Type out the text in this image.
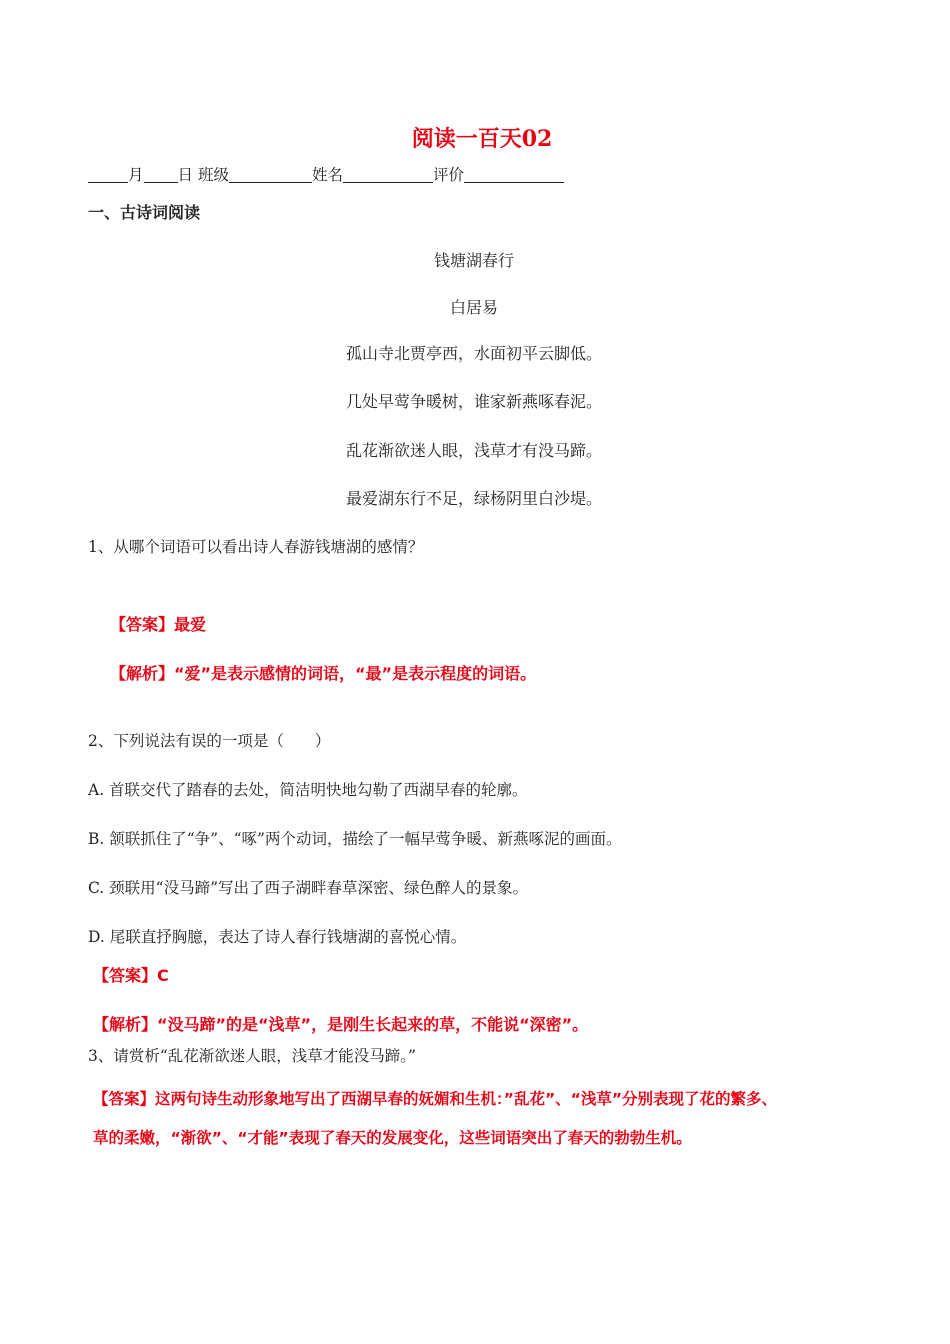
阅读一百天02
月 日 班级	姓名	评价
一、古诗词阅读
钱塘湖春行
白居易
孤山寺北贾亭西，水面初平云脚低。
几处早莺争暖树，谁家新燕啄春泥。
乱花渐欲迷人眼，浅草才有没马蹄。
最爱湖东行不足，绿杨阴里白沙堤。
1、从哪个词语可以看出诗人春游钱塘湖的感情？
【答案】最爱
【解析】“爱”是表示感情的词语，“最”是表示程度的词语。
2、下列说法有误的一项是（　　）
A. 首联交代了踏春的去处，简洁明快地勾勒了西湖早春的轮廓。
B. 颔联抓住了“争”、“啄”两个动词，描绘了一幅早莺争暖、新燕啄泥的画面。
C. 颈联用“没马蹄”写出了西子湖畔春草深密、绿色醉人的景象。
D. 尾联直抒胸臆，表达了诗人春行钱塘湖的喜悦心情。
【答案】C
【解析】“没马蹄”的是“浅草”，是刚生长起来的草，不能说“深密”。
3、请赏析“乱花渐欲迷人眼，浅草才能没马蹄。”
【答案】这两句诗生动形象地写出了西湖早春的妩媚和生机：”乱花”、“浅草”分别表现了花的繁多、
草的柔嫩，“渐欲”、“才能”表现了春天的发展变化，这些词语突出了春天的勃勃生机。
